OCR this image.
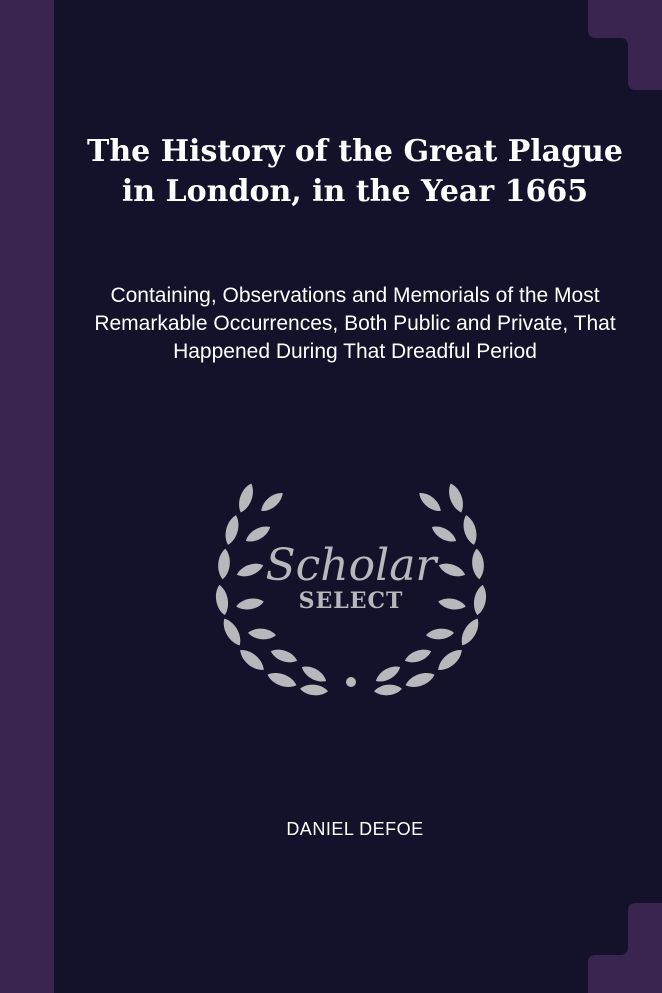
The History of the Great Plague in London, in the Year 1665

Containing, Observations and Memorials of the Most Remarkable Occurrences, Both Public and Private, That Happened During That Dreadful Period

Scholar
SELECT

DANIEL DEFOE
